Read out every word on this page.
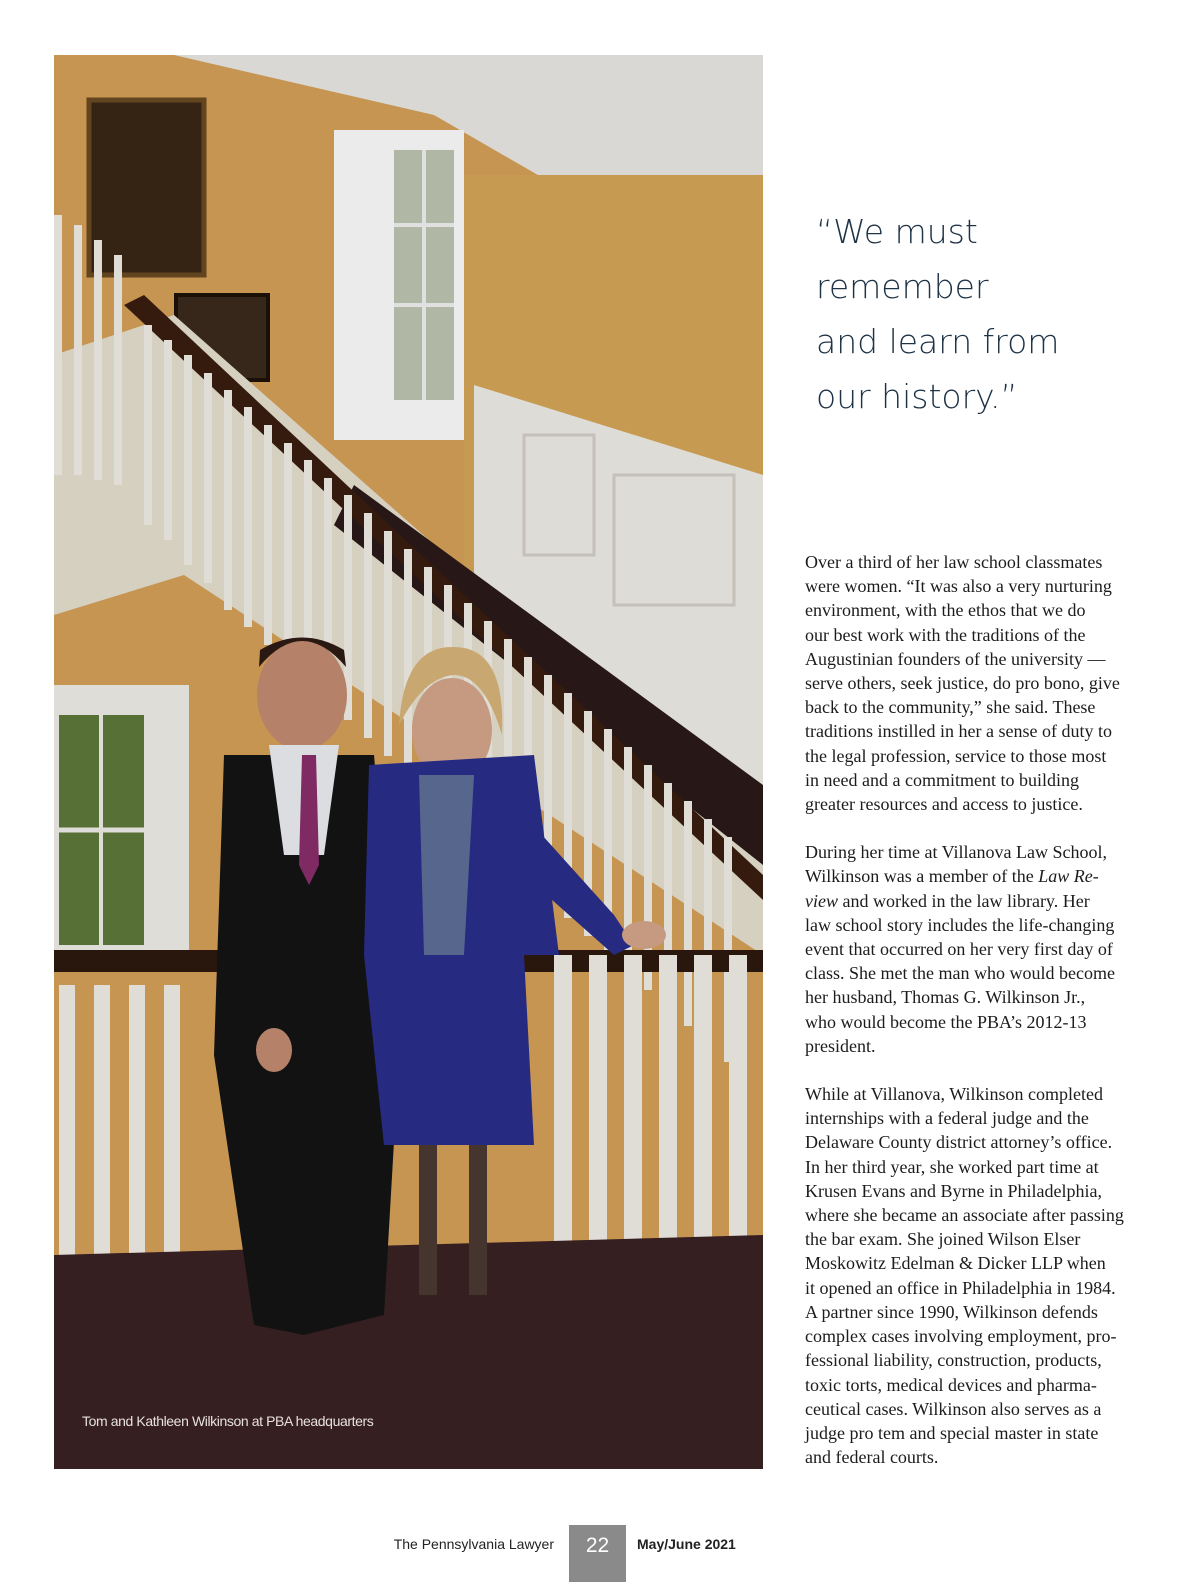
Tom and Kathleen Wilkinson at PBA headquarters
“We must
remember
and learn from
our history.”

Over a third of her law school classmates
were women. “It was also a very nurturing
environment, with the ethos that we do
our best work with the traditions of the
Augustinian founders of the university —
serve others, seek justice, do pro bono, give
back to the community,” she said. These
traditions instilled in her a sense of duty to
the legal profession, service to those most
in need and a commitment to building
greater resources and access to justice.

During her time at Villanova Law School,
Wilkinson was a member of the Law Re-
view and worked in the law library. Her
law school story includes the life-changing
event that occurred on her very first day of
class. She met the man who would become
her husband, Thomas G. Wilkinson Jr.,
who would become the PBA’s 2012-13
president.

While at Villanova, Wilkinson completed
internships with a federal judge and the
Delaware County district attorney’s office.
In her third year, she worked part time at
Krusen Evans and Byrne in Philadelphia,
where she became an associate after passing
the bar exam. She joined Wilson Elser
Moskowitz Edelman & Dicker LLP when
it opened an office in Philadelphia in 1984.
A partner since 1990, Wilkinson defends
complex cases involving employment, pro-
fessional liability, construction, products,
toxic torts, medical devices and pharma-
ceutical cases. Wilkinson also serves as a
judge pro tem and special master in state
and federal courts.

The Pennsylvania Lawyer	22	May/June 2021
